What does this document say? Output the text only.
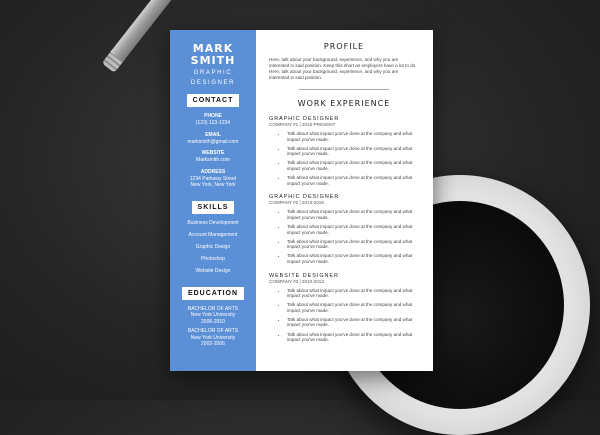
MARK SMITH
GRAPHIC
DESIGNER
CONTACT
PHONE
(123) 123-1234
EMAIL
marksmith@gmail.com
WEBSITE
Marksmith.com
ADDRESS
1234 Parkway Street
New York, New York
SKILLS
Business Development
Account Management
Graphic Design
Photoshop
Website Design
EDUCATION
BACHELOR OF ARTS
New York University
2006-2010
BACHELOR OF ARTS
New York University
2002-2006
PROFILE
Here, talk about your background, experience, and why you are interested in said position. Keep this short as employers have a lot to do. Here, talk about your background, experience, and why you are interested in said position.
WORK EXPERIENCE
GRAPHIC DESIGNER
COMPANY #1 | 2015-PRESENT
• Talk about what impact you've done at the company and what impact you've made.
• Talk about what impact you've done at the company and what impact you've made.
• Talk about what impact you've done at the company and what impact you've made.
• Talk about what impact you've done at the company and what impact you've made.
GRAPHIC DESIGNER
COMPANY #2 | 2013-2015
• Talk about what impact you've done at the company and what impact you've made.
• Talk about what impact you've done at the company and what impact you've made.
• Talk about what impact you've done at the company and what impact you've made.
• Talk about what impact you've done at the company and what impact you've made.
WEBSITE DESIGNER
COMPANY #3 | 2010-2013
• Talk about what impact you've done at the company and what impact you've made.
• Talk about what impact you've done at the company and what impact you've made.
• Talk about what impact you've done at the company and what impact you've made.
• Talk about what impact you've done at the company and what impact you've made.
